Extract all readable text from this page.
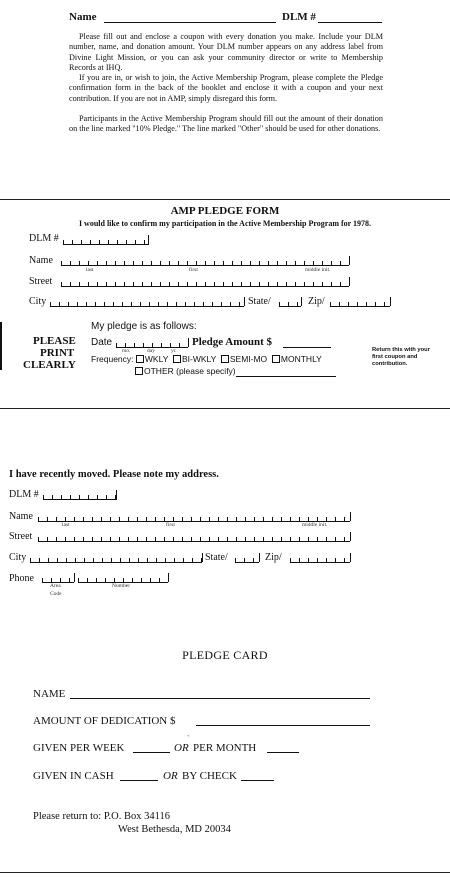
Name	DLM #
Please fill out and enclose a coupon with every donation you make. Include your DLM number, name, and donation amount. Your DLM number appears on any address label from Divine Light Mission, or you can ask your community director or write to Membership Records at IHQ.
If you are in, or wish to join, the Active Membership Program, please complete the Pledge confirmation form in the back of the booklet and enclose it with a coupon and your next contribution. If you are not in AMP, simply disregard this form.
Participants in the Active Membership Program should fill out the amount of their donation on the line marked "10% Pledge." The line marked "Other" should be used for other donations.
AMP PLEDGE FORM
I would like to confirm my participation in the Active Membership Program for 1978.
DLM #
Name
last	first	middle init.
Street
City	State/	Zip/
PLEASE
PRINT
CLEARLY
My pledge is as follows:
Date
mo.	day	yr.
Pledge Amount $
Frequency: WKLY BI-WKLY SEMI-MO MONTHLY
OTHER (please specify)
Return this with your first coupon and contribution.
I have recently moved. Please note my address.
DLM #
Name
last	first	middle init.
Street
City	State/	Zip/
Phone
Area
Code
Number
PLEDGE CARD
NAME
AMOUNT OF DEDICATION $
`
GIVEN PER WEEK	OR PER MONTH
GIVEN IN CASH	OR BY CHECK
Please return to: P.O. Box 34116
West Bethesda, MD 20034
